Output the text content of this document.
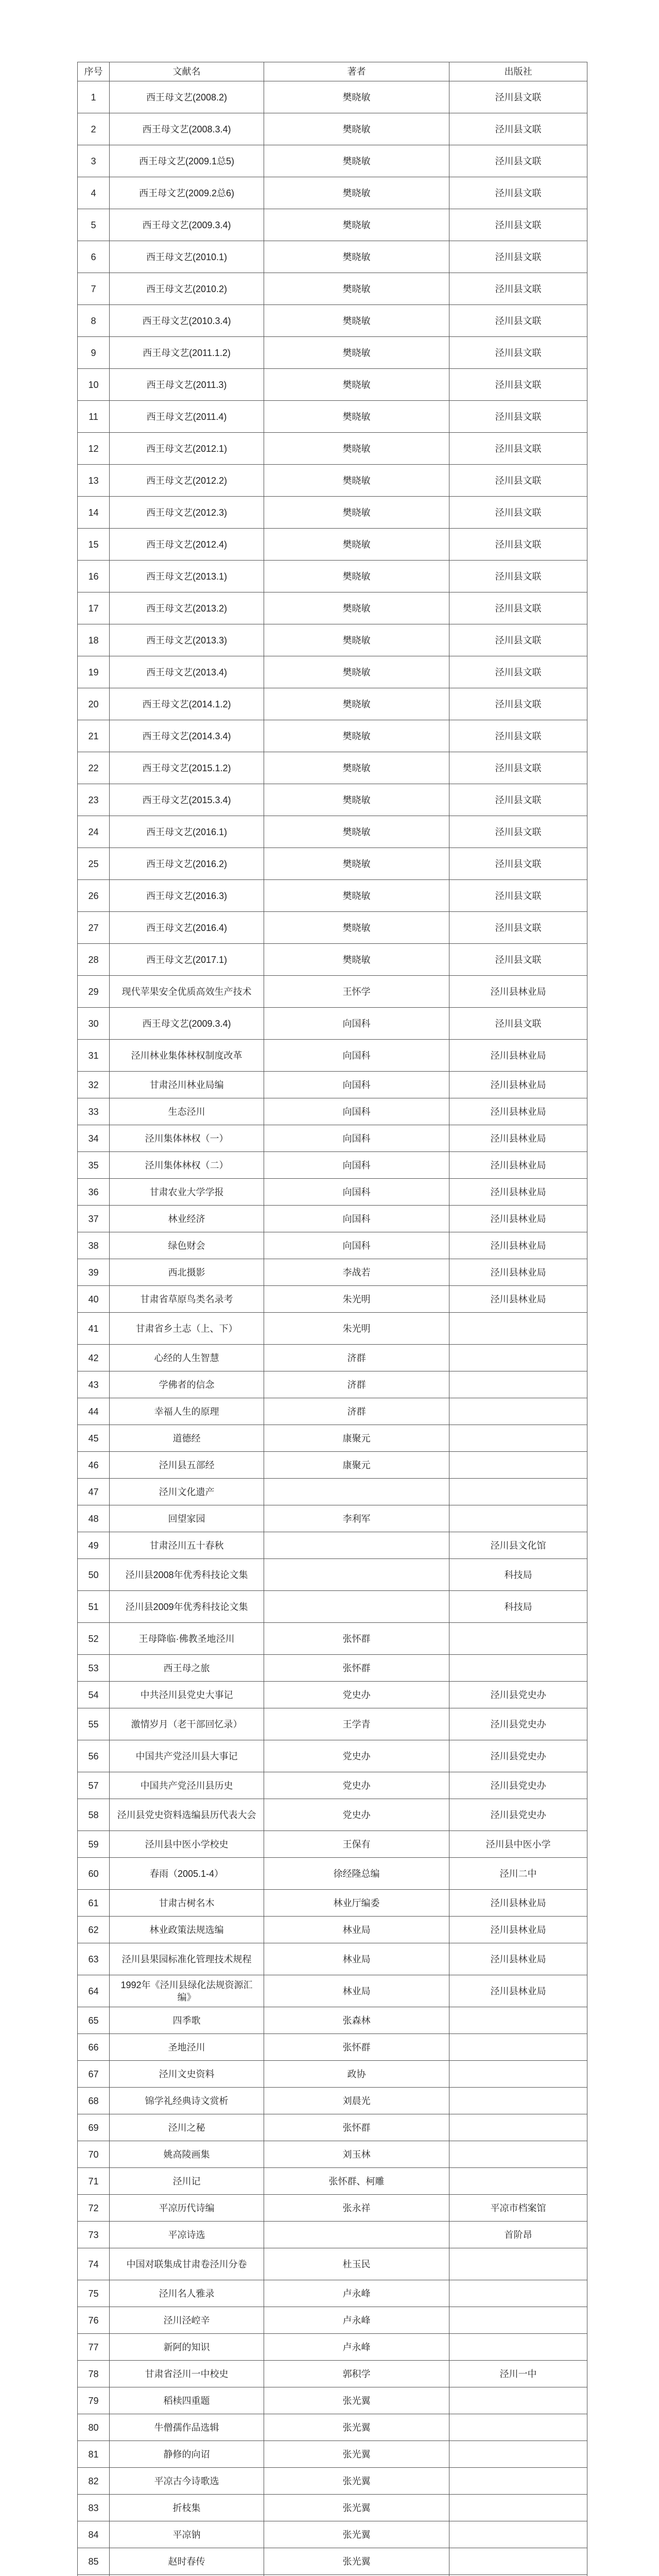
序号	文献名	著者	出版社
1	西王母文艺(2008.2)	樊晓敏	泾川县文联
2	西王母文艺(2008.3.4)	樊晓敏	泾川县文联
3	西王母文艺(2009.1总5)	樊晓敏	泾川县文联
4	西王母文艺(2009.2总6)	樊晓敏	泾川县文联
5	西王母文艺(2009.3.4)	樊晓敏	泾川县文联
6	西王母文艺(2010.1)	樊晓敏	泾川县文联
7	西王母文艺(2010.2)	樊晓敏	泾川县文联
8	西王母文艺(2010.3.4)	樊晓敏	泾川县文联
9	西王母文艺(2011.1.2)	樊晓敏	泾川县文联
10	西王母文艺(2011.3)	樊晓敏	泾川县文联
11	西王母文艺(2011.4)	樊晓敏	泾川县文联
12	西王母文艺(2012.1)	樊晓敏	泾川县文联
13	西王母文艺(2012.2)	樊晓敏	泾川县文联
14	西王母文艺(2012.3)	樊晓敏	泾川县文联
15	西王母文艺(2012.4)	樊晓敏	泾川县文联
16	西王母文艺(2013.1)	樊晓敏	泾川县文联
17	西王母文艺(2013.2)	樊晓敏	泾川县文联
18	西王母文艺(2013.3)	樊晓敏	泾川县文联
19	西王母文艺(2013.4)	樊晓敏	泾川县文联
20	西王母文艺(2014.1.2)	樊晓敏	泾川县文联
21	西王母文艺(2014.3.4)	樊晓敏	泾川县文联
22	西王母文艺(2015.1.2)	樊晓敏	泾川县文联
23	西王母文艺(2015.3.4)	樊晓敏	泾川县文联
24	西王母文艺(2016.1)	樊晓敏	泾川县文联
25	西王母文艺(2016.2)	樊晓敏	泾川县文联
26	西王母文艺(2016.3)	樊晓敏	泾川县文联
27	西王母文艺(2016.4)	樊晓敏	泾川县文联
28	西王母文艺(2017.1)	樊晓敏	泾川县文联
29	现代苹果安全优质高效生产技术	王怀学	泾川县林业局
30	西王母文艺(2009.3.4)	向国科	泾川县文联
31	泾川林业集体林权制度改革	向国科	泾川县林业局
32	甘肃泾川林业局编	向国科	泾川县林业局
33	生态泾川	向国科	泾川县林业局
34	泾川集体林权（一）	向国科	泾川县林业局
35	泾川集体林权（二）	向国科	泾川县林业局
36	甘肃农业大学学报	向国科	泾川县林业局
37	林业经济	向国科	泾川县林业局
38	绿色财会	向国科	泾川县林业局
39	西北摄影	李战若	泾川县林业局
40	甘肃省草原鸟类名录考	朱光明	泾川县林业局
41	甘肃省乡土志（上、下）	朱光明	
42	心经的人生智慧	济群	
43	学佛者的信念	济群	
44	幸福人生的原理	济群	
45	道德经	康聚元	
46	泾川县五部经	康聚元	
47	泾川文化遗产		
48	回望家园	李利军	
49	甘肃泾川五十春秋		泾川县文化馆
50	泾川县2008年优秀科技论文集		科技局
51	泾川县2009年优秀科技论文集		科技局
52	王母降临·佛教圣地泾川	张怀群	
53	西王母之旅	张怀群	
54	中共泾川县党史大事记	党史办	泾川县党史办
55	激情岁月（老干部回忆录）	王学青	泾川县党史办
56	中国共产党泾川县大事记	党史办	泾川县党史办
57	中国共产党泾川县历史	党史办	泾川县党史办
58	泾川县党史资料选编县历代表大会	党史办	泾川县党史办
59	泾川县中医小学校史	王保有	泾川县中医小学
60	春雨（2005.1-4）	徐经隆总编	泾川二中
61	甘肃古树名木	林业厅编委	泾川县林业局
62	林业政策法规选编	林业局	泾川县林业局
63	泾川县果园标准化管理技术规程	林业局	泾川县林业局
64	1992年《泾川县绿化法规资源汇编》	林业局	泾川县林业局
65	四季歌	张森林	
66	圣地泾川	张怀群	
67	泾川文史资料	政协	
68	锦学礼经典诗文赏析	刘晨光	
69	泾川之秘	张怀群	
70	姚高陵画集	刘玉林	
71	泾川记	张怀群、柯雕	
72	平凉历代诗编	张永祥	平凉市档案馆
73	平凉诗选		首阶昂
74	中国对联集成甘肃卷泾川分卷	杜玉民	
75	泾川名人雅录	卢永峰	
76	泾川泾崆辛	卢永峰	
77	新阿的知识	卢永峰	
78	甘肃省泾川一中校史	郭积学	泾川一中
79	稻椟四重题	张光翼	
80	牛僧孺作品选辑	张光翼	
81	静修的向诏	张光翼	
82	平凉古今诗歌选	张光翼	
83	折枝集	张光翼	
84	平凉钠	张光翼	
85	赵时春传	张光翼	
